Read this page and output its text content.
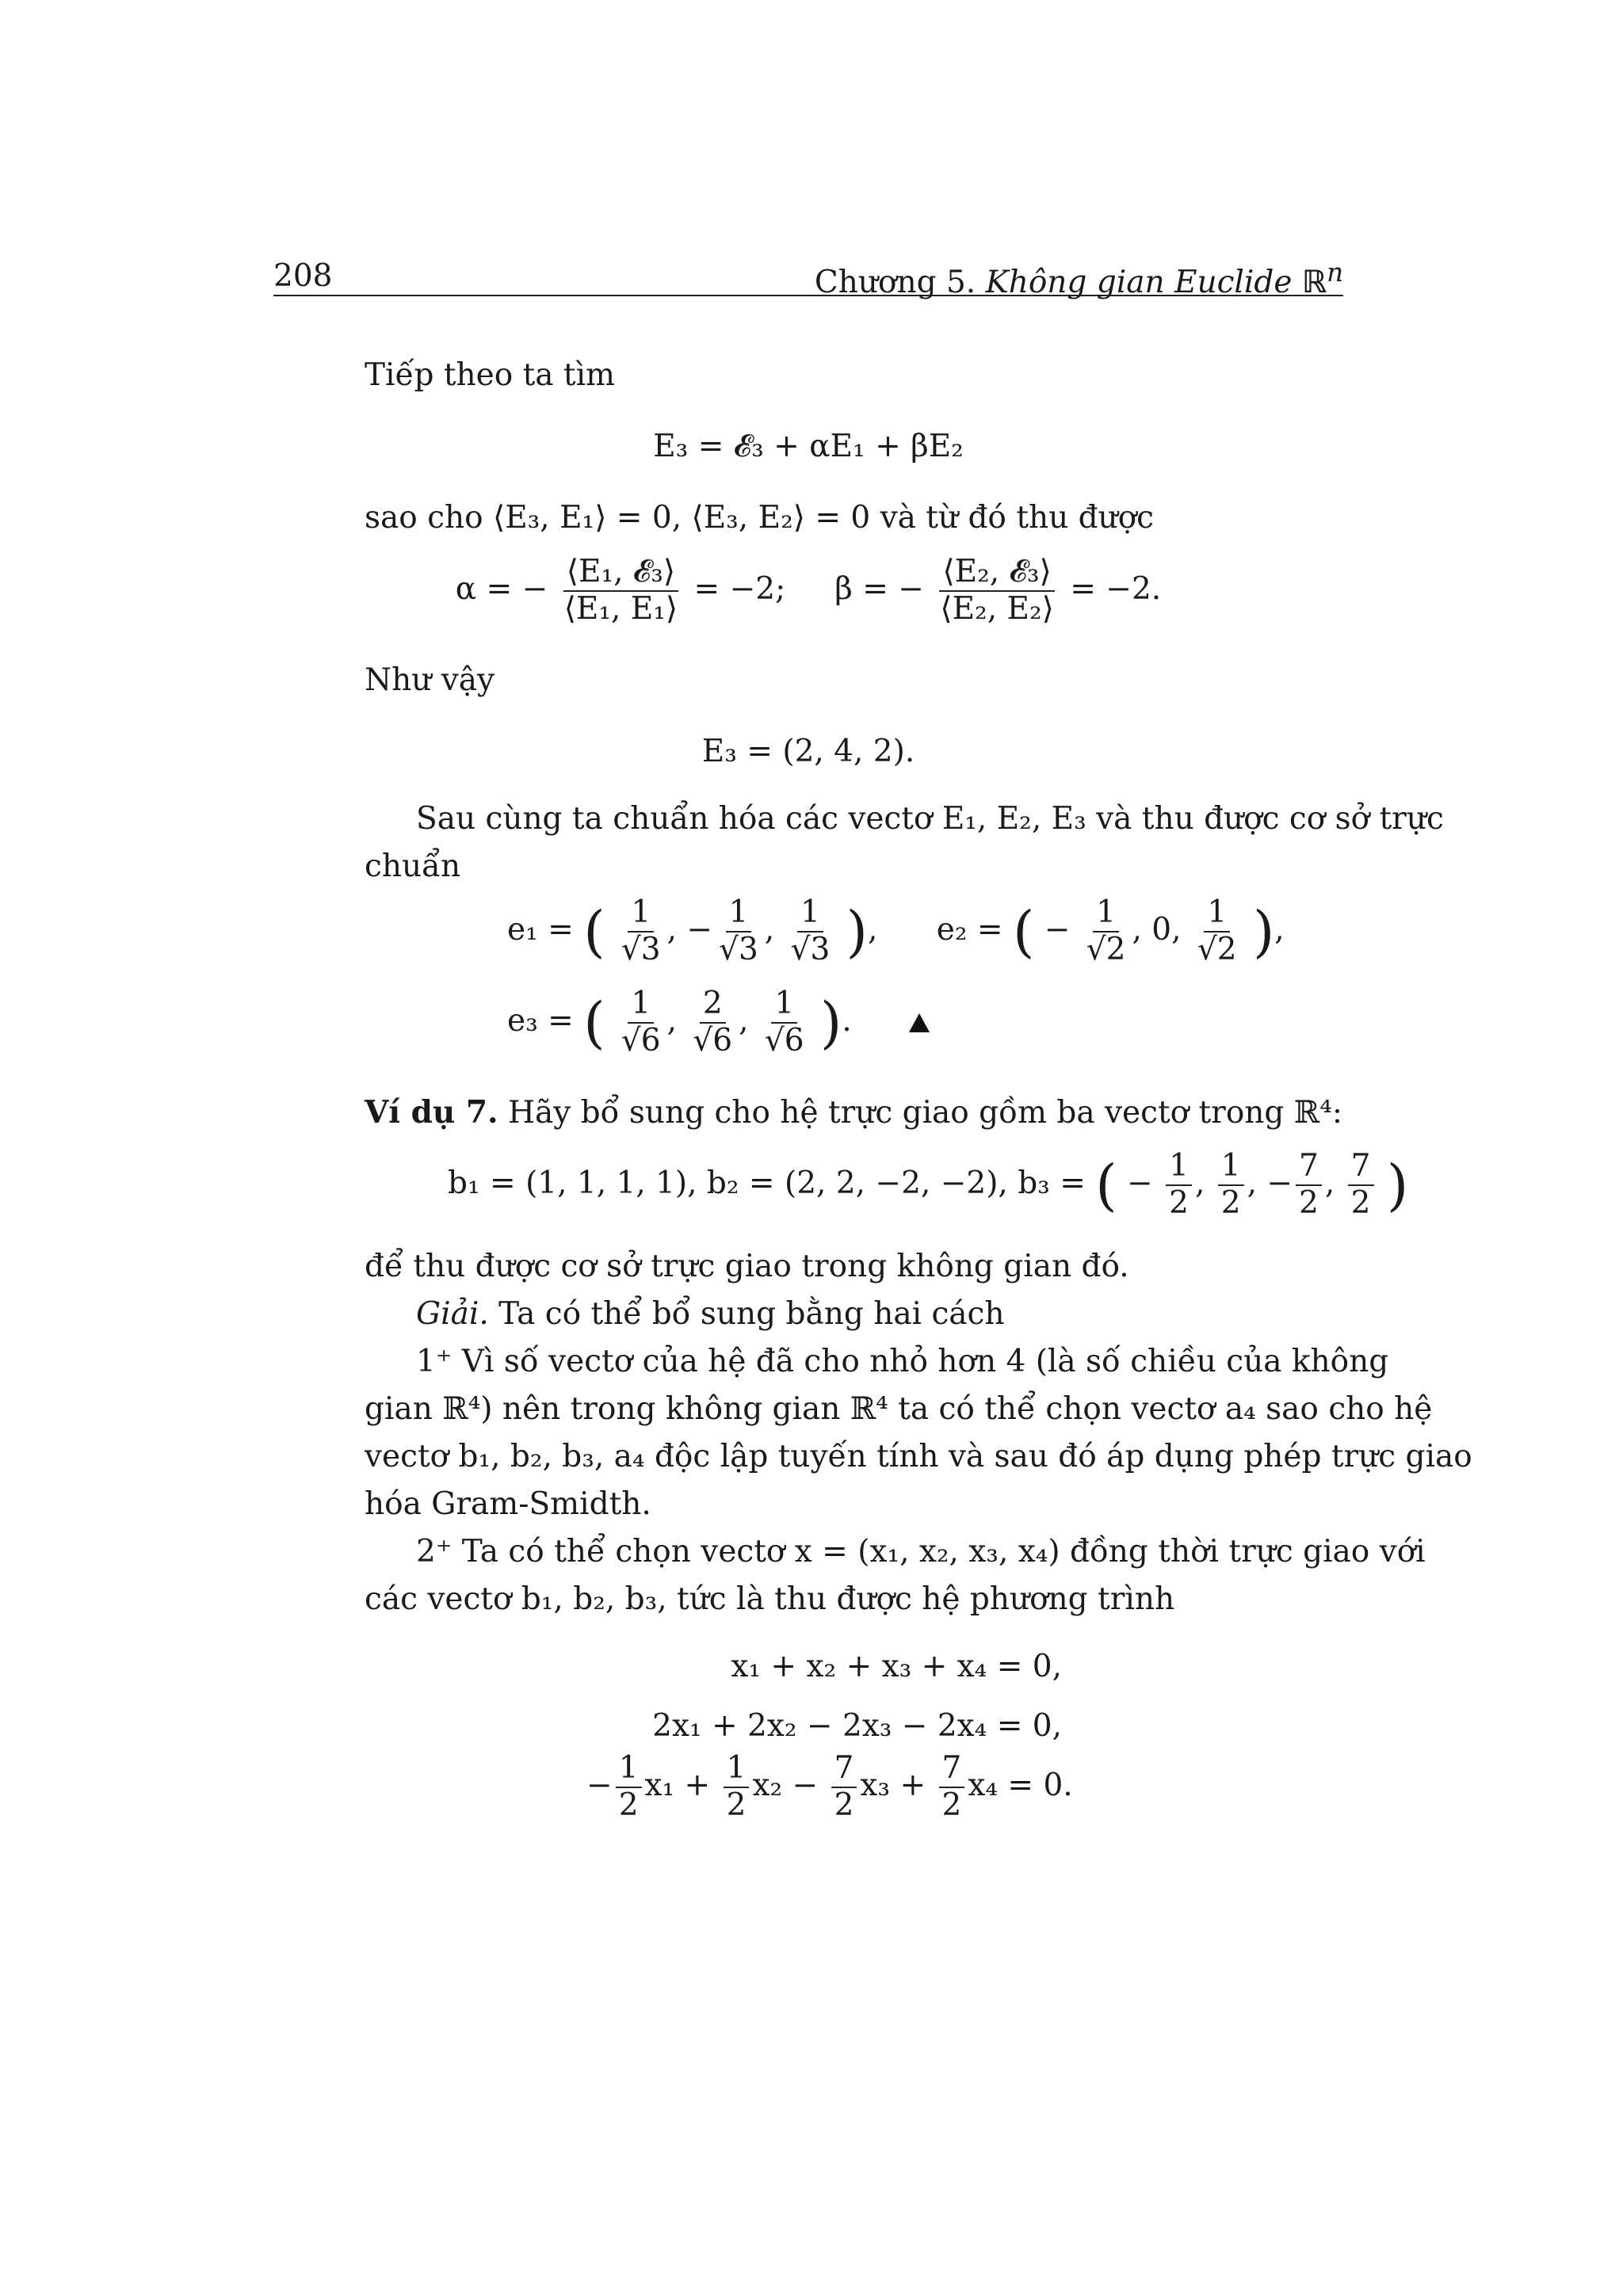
208	Chương 5. Không gian Euclide ℝ$^n$
Tiếp theo ta tìm
E₃ = 𝓔₃ + αE₁ + βE₂
sao cho ⟨E₃, E₁⟩ = 0, ⟨E₃, E₂⟩ = 0 và từ đó thu được
α = − $\frac{\text{⟨E₁, 𝓔₃⟩}}{\text{⟨E₁, E₁⟩}} = -2$; β = − $\frac{\text{⟨E₂, 𝓔₃⟩}}{\text{⟨E₂, E₂⟩}} = -2$.
Như vậy
E₃ = (2, 4, 2).
Sau cùng ta chuẩn hóa các vectơ E₁, E₂, E₃ và thu được cơ sở trực
chuẩn
e₁ = ( $\frac{1}{√3}$ , − $\frac{1}{√3}$ , $\frac{1}{√3}$ ),      e₂ = ( − $\frac{1}{√2}$ , 0, $\frac{1}{√2}$ ),
e₃ = ( $\frac{1}{√6}$ , $\frac{2}{√6}$ , $\frac{1}{√6}$ ).
Ví dụ 7. Hãy bổ sung cho hệ trực giao gồm ba vectơ trong ℝ⁴:
b₁ = (1, 1, 1, 1), b₂ = (2, 2, −2, −2), b₃ = ( − $\frac{1}{2}$ , $\frac{1}{2}$ , − $\frac{7}{2}$ , $\frac{7}{2}$ )
để thu được cơ sở trực giao trong không gian đó.
Giải. Ta có thể bổ sung bằng hai cách
1⁺ Vì số vectơ của hệ đã cho nhỏ hơn 4 (là số chiều của không
gian ℝ⁴) nên trong không gian ℝ⁴ ta có thể chọn vectơ a₄ sao cho hệ
vectơ b₁, b₂, b₃, a₄ độc lập tuyến tính và sau đó áp dụng phép trực giao
hóa Gram-Smidth.
2⁺ Ta có thể chọn vectơ x = (x₁, x₂, x₃, x₄) đồng thời trực giao với
các vectơ b₁, b₂, b₃, tức là thu được hệ phương trình
x₁ + x₂ + x₃ + x₄ = 0,
2x₁ + 2x₂ − 2x₃ − 2x₄ = 0,
− $\frac{1}{2} x_1 + \frac{1}{2} x_2 - \frac{7}{2} x_3 + \frac{7}{2} x_4 = 0$.
